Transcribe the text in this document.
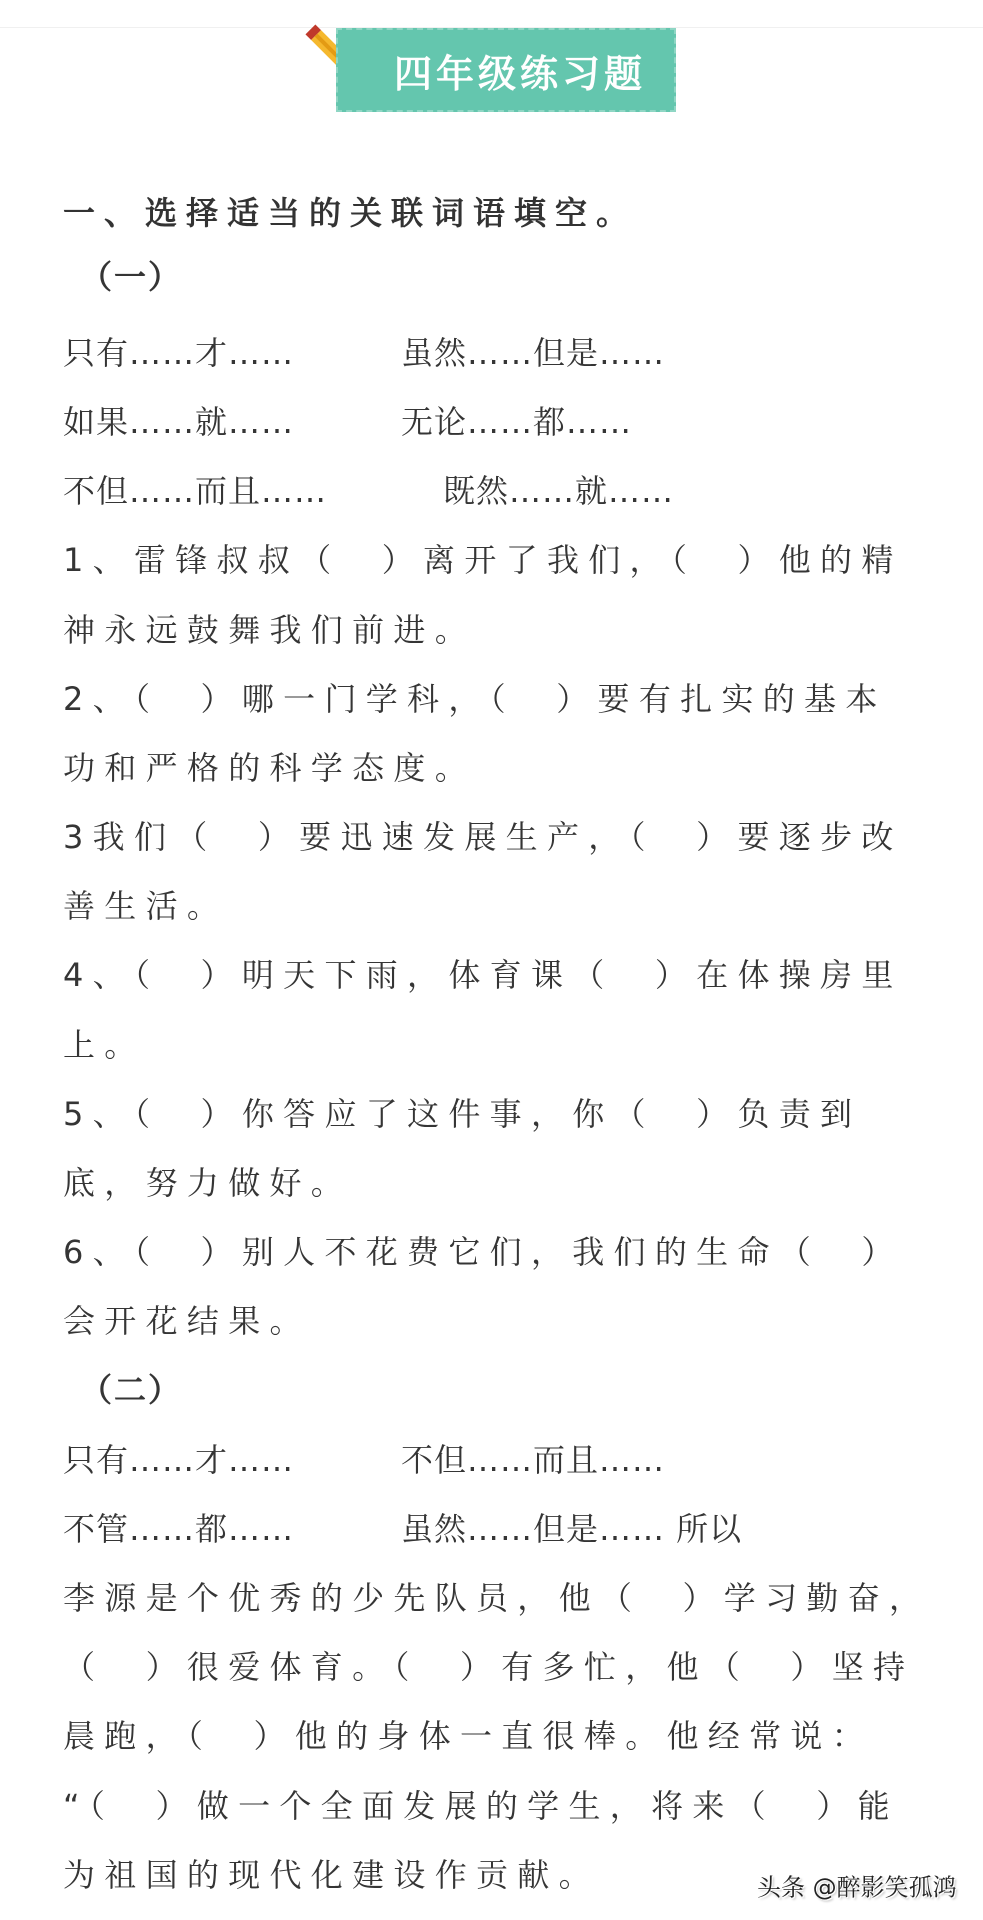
四年级练习题
一、选择适当的关联词语填空。
（一）
只有……才……	虽然……但是……
如果……就……	无论……都……
不但……而且……	既然……就……
1、雷锋叔叔（　）离开了我们，（　）他的精
神永远鼓舞我们前进。
2、（　）哪一门学科，（　）要有扎实的基本
功和严格的科学态度。
3我们（　）要迅速发展生产，（　）要逐步改
善生活。
4、（　）明天下雨，体育课（　）在体操房里
上。
5、（　）你答应了这件事，你（　）负责到
底，努力做好。
6、（　）别人不花费它们，我们的生命（　）
会开花结果。
（二）
只有……才……	不但……而且……
不管……都……	虽然……但是…… 所以
李源是个优秀的少先队员，他（　）学习勤奋，
（　）很爱体育。（　）有多忙，他（　）坚持
晨跑，（　）他的身体一直很棒。他经常说：
“（　）做一个全面发展的学生，将来（　）能
为祖国的现代化建设作贡献。	头条 @醉影笑孤鸿
